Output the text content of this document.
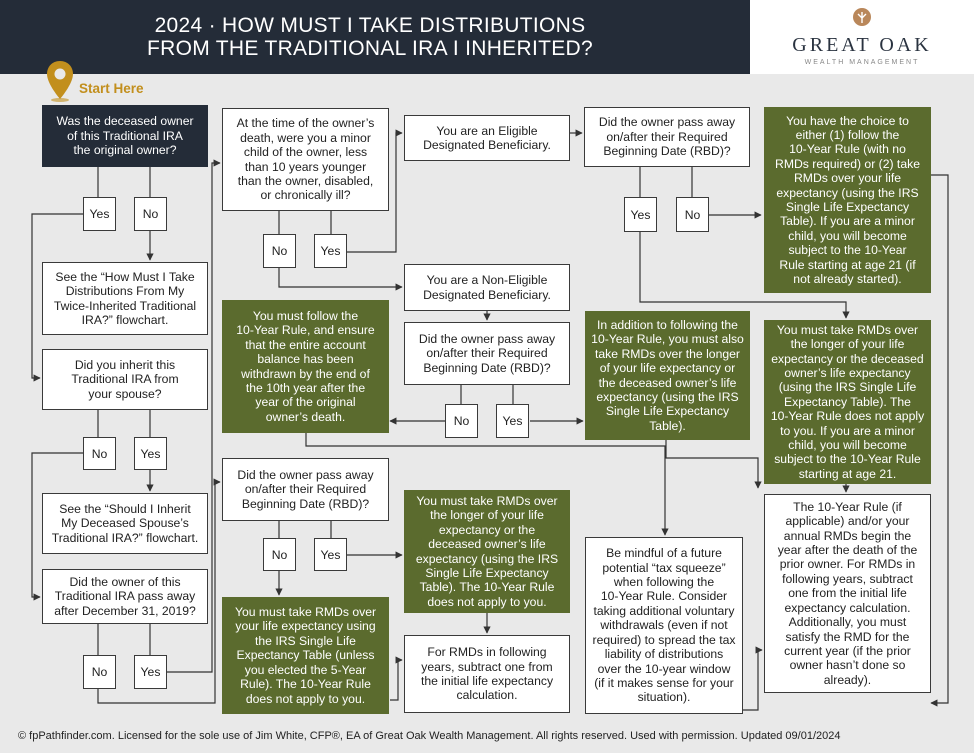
2024 · HOW MUST I TAKE DISTRIBUTIONS
FROM THE TRADITIONAL IRA I INHERITED?	GREAT OAK
WEALTH MANAGEMENT
Start Here
Was the deceased owner
of this Traditional IRA
the original owner?
Yes	No
See the “How Must I Take
Distributions From My
Twice-Inherited Traditional
IRA?” flowchart.
Did you inherit this
Traditional IRA from
your spouse?
No	Yes
See the “Should I Inherit
My Deceased Spouse’s
Traditional IRA?” flowchart.
Did the owner of this
Traditional IRA pass away
after December 31, 2019?
No	Yes
At the time of the owner’s
death, were you a minor
child of the owner, less
than 10 years younger
than the owner, disabled,
or chronically ill?
No	Yes
You must follow the
10-Year Rule, and ensure
that the entire account
balance has been
withdrawn by the end of
the 10th year after the
year of the original
owner’s death.
Did the owner pass away
on/after their Required
Beginning Date (RBD)?
No	Yes
You must take RMDs over
your life expectancy using
the IRS Single Life
Expectancy Table (unless
you elected the 5-Year
Rule). The 10-Year Rule
does not apply to you.
You are an Eligible
Designated Beneficiary.
You are a Non-Eligible
Designated Beneficiary.
Did the owner pass away
on/after their Required
Beginning Date (RBD)?
No	Yes
You must take RMDs over
the longer of your life
expectancy or the
deceased owner’s life
expectancy (using the IRS
Single Life Expectancy
Table). The 10-Year Rule
does not apply to you.
For RMDs in following
years, subtract one from
the initial life expectancy
calculation.
Did the owner pass away
on/after their Required
Beginning Date (RBD)?
Yes	No
In addition to following the
10-Year Rule, you must also
take RMDs over the longer
of your life expectancy or
the deceased owner’s life
expectancy (using the IRS
Single Life Expectancy
Table).
Be mindful of a future
potential “tax squeeze”
when following the
10-Year Rule. Consider
taking additional voluntary
withdrawals (even if not
required) to spread the tax
liability of distributions
over the 10-year window
(if it makes sense for your
situation).
You have the choice to
either (1) follow the
10-Year Rule (with no
RMDs required) or (2) take
RMDs over your life
expectancy (using the IRS
Single Life Expectancy
Table). If you are a minor
child, you will become
subject to the 10-Year
Rule starting at age 21 (if
not already started).
You must take RMDs over
the longer of your life
expectancy or the deceased
owner’s life expectancy
(using the IRS Single Life
Expectancy Table). The
10-Year Rule does not apply
to you. If you are a minor
child, you will become
subject to the 10-Year Rule
starting at age 21.
The 10-Year Rule (if
applicable) and/or your
annual RMDs begin the
year after the death of the
prior owner. For RMDs in
following years, subtract
one from the initial life
expectancy calculation.
Additionally, you must
satisfy the RMD for the
current year (if the prior
owner hasn’t done so
already).
© fpPathfinder.com. Licensed for the sole use of Jim White, CFP®, EA of Great Oak Wealth Management. All rights reserved. Used with permission. Updated 09/01/2024
